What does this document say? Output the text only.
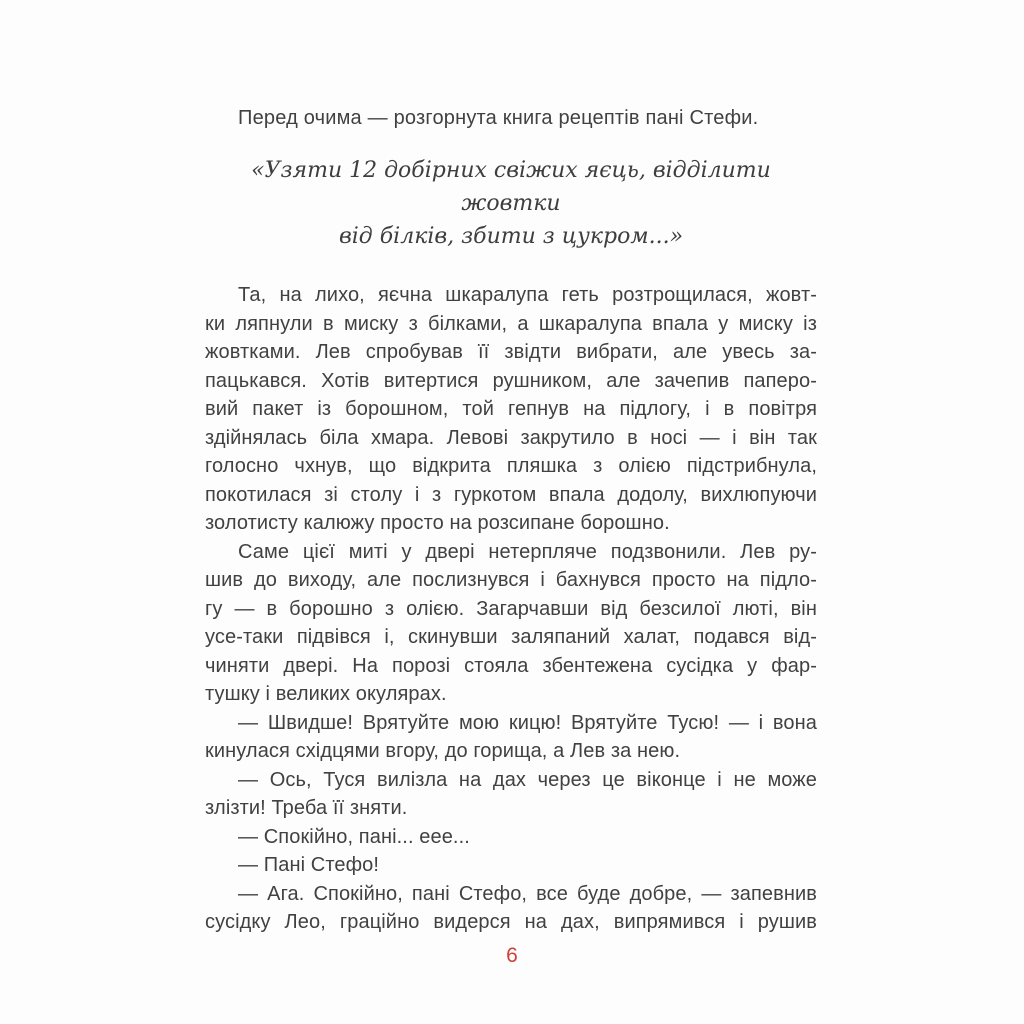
Перед очима — розгорнута книга рецептів пані Стефи.

«Узяти 12 добірних свіжих яєць, відділити жовтки
від білків, збити з цукром...»
Та, на лихо, яєчна шкаралупа геть розтрощилася, жовт-
ки ляпнули в миску з білками, а шкаралупа впала у миску із
жовтками. Лев спробував її звідти вибрати, але увесь за-
пацькався. Хотів витертися рушником, але зачепив паперо-
вий пакет із борошном, той гепнув на підлогу, і в повітря
здійнялась біла хмара. Левові закрутило в носі — і він так
голосно чхнув, що відкрита пляшка з олією підстрибнула,
покотилася зі столу і з гуркотом впала додолу, вихлюпуючи
золотисту калюжу просто на розсипане борошно.
Саме цієї миті у двері нетерпляче подзвонили. Лев ру-
шив до виходу, але послизнувся і бахнувся просто на підло-
гу — в борошно з олією. Загарчавши від безсилої люті, він
усе-таки підвівся і, скинувши заляпаний халат, подався від-
чиняти двері. На порозі стояла збентежена сусідка у фар-
тушку і великих окулярах.
— Швидше! Врятуйте мою кицю! Врятуйте Тусю! — і вона
кинулася східцями вгору, до горища, а Лев за нею.
— Ось, Туся вилізла на дах через це віконце і не може
злізти! Треба її зняти.
— Спокійно, пані... еее...
— Пані Стефо!
— Ага. Спокійно, пані Стефо, все буде добре, — запевнив
сусідку Лео, граційно видерся на дах, випрямився і рушив
6
